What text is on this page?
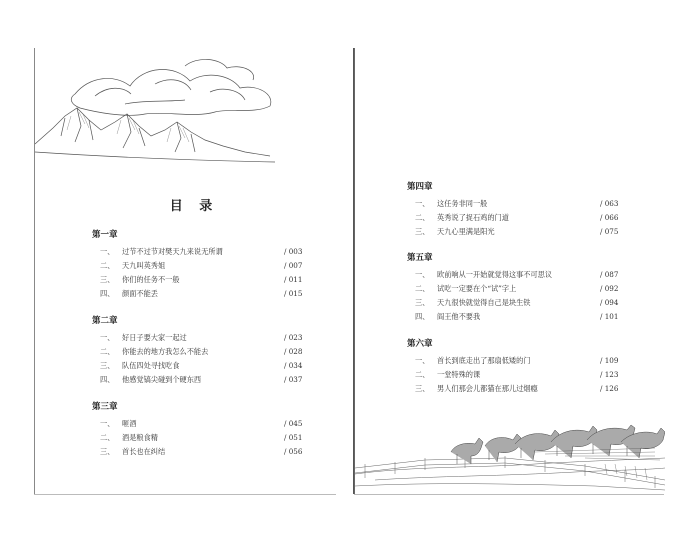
目 录
第一章
一、 过节不过节对樊天九来说无所谓	/ 003
二、 天九叫英秀姐	/ 007
三、 你们的任务不一般	/ 011
四、 颜面不能丢	/ 015
第二章
一、 好日子要大家一起过	/ 023
二、 你能去的地方我怎么不能去	/ 028
三、 队伍四处寻找吃食	/ 034
四、 他感觉镐尖碰到个硬东西	/ 037
第三章
一、 咂酒	/ 045
二、 酒是粮食精	/ 051
三、 首长也在纠结	/ 056
第四章
一、 这任务非同一般	/ 063
二、 英秀说了捉石鸡的门道	/ 066
三、 天九心里满是阳光	/ 075
第五章
一、 欧前响从一开始就觉得这事不可思议	/ 087
二、 试吃一定要在个“试”字上	/ 092
三、 天九很快就觉得自己是块生铁	/ 094
四、 阎王他不要我	/ 101
第六章
一、 首长到底走出了那扇低矮的门	/ 109
二、 一堂特殊的课	/ 123
三、 男人们那会儿都猫在那儿过烟瘾	/ 126
